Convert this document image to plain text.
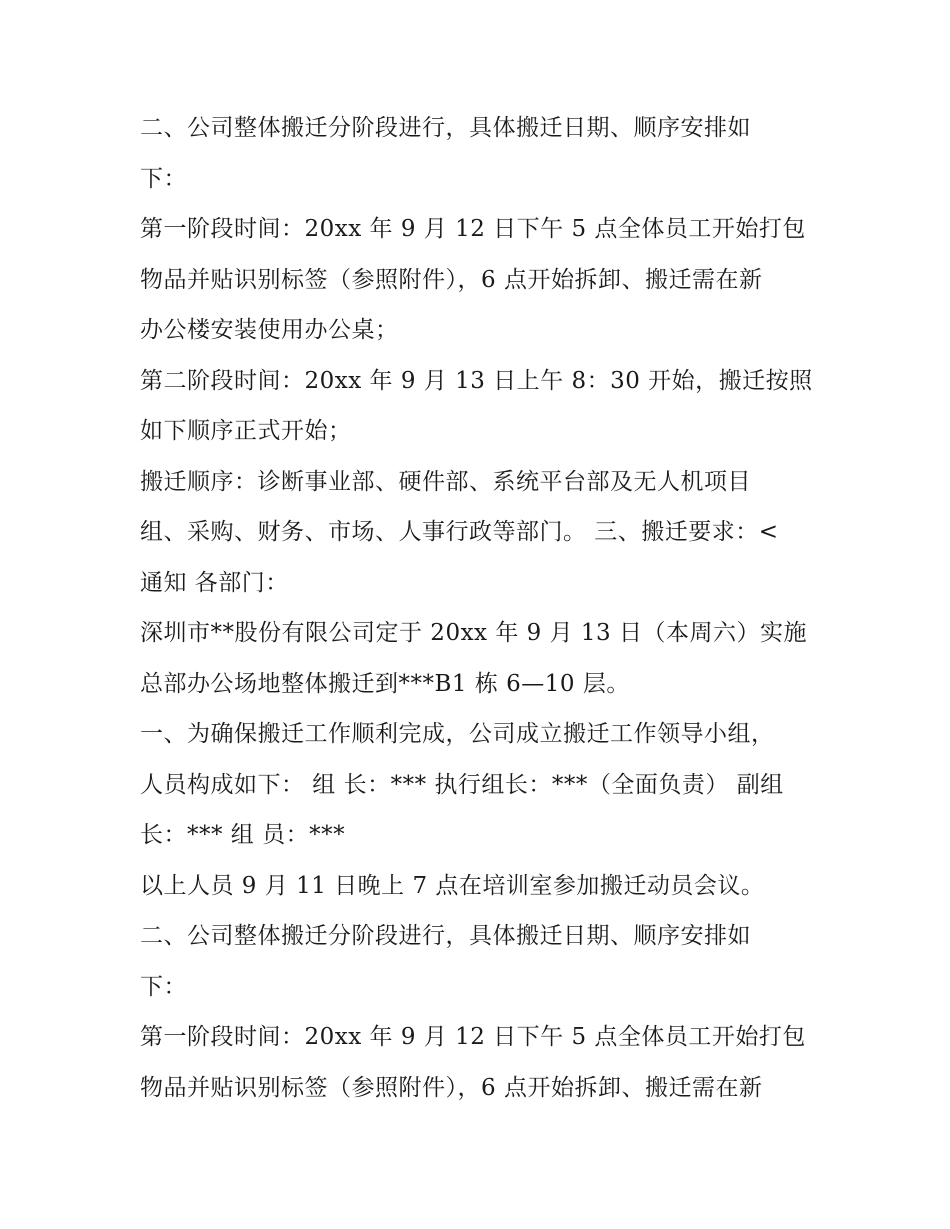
二、公司整体搬迁分阶段进行，具体搬迁日期、顺序安排如
下：
第一阶段时间：20xx 年 9 月 12 日下午 5 点全体员工开始打包
物品并贴识别标签（参照附件），6 点开始拆卸、搬迁需在新
办公楼安装使用办公桌；
第二阶段时间：20xx 年 9 月 13 日上午 8：30 开始，搬迁按照
如下顺序正式开始；
搬迁顺序：诊断事业部、硬件部、系统平台部及无人机项目
组、采购、财务、市场、人事行政等部门。 三、搬迁要求：<
通知 各部门：
深圳市**股份有限公司定于 20xx 年 9 月 13 日（本周六）实施
总部办公场地整体搬迁到***B1 栋 6—10 层。
一、为确保搬迁工作顺利完成，公司成立搬迁工作领导小组，
人员构成如下： 组 长：*** 执行组长：***（全面负责） 副组
长：*** 组 员：***
以上人员 9 月 11 日晚上 7 点在培训室参加搬迁动员会议。
二、公司整体搬迁分阶段进行，具体搬迁日期、顺序安排如
下：
第一阶段时间：20xx 年 9 月 12 日下午 5 点全体员工开始打包
物品并贴识别标签（参照附件），6 点开始拆卸、搬迁需在新
